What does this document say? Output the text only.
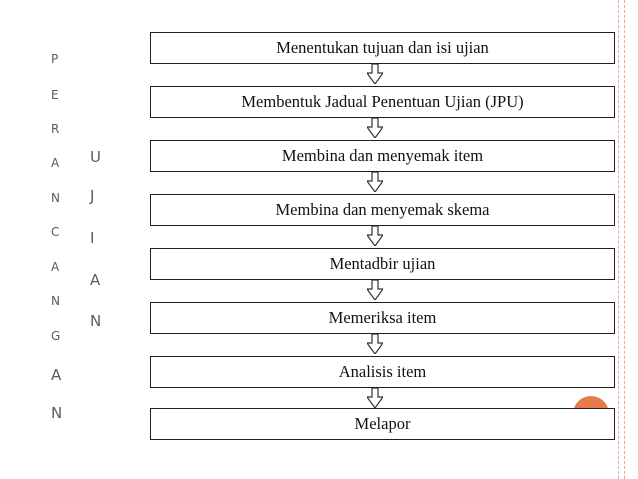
P
E
R
A
N
C
A
N
G
A
N
U
J
I
A
N
Menentukan tujuan dan isi ujian
Membentuk Jadual Penentuan Ujian (JPU)
Membina dan menyemak item
Membina dan menyemak skema
Mentadbir ujian
Memeriksa item
Analisis item
Melapor
